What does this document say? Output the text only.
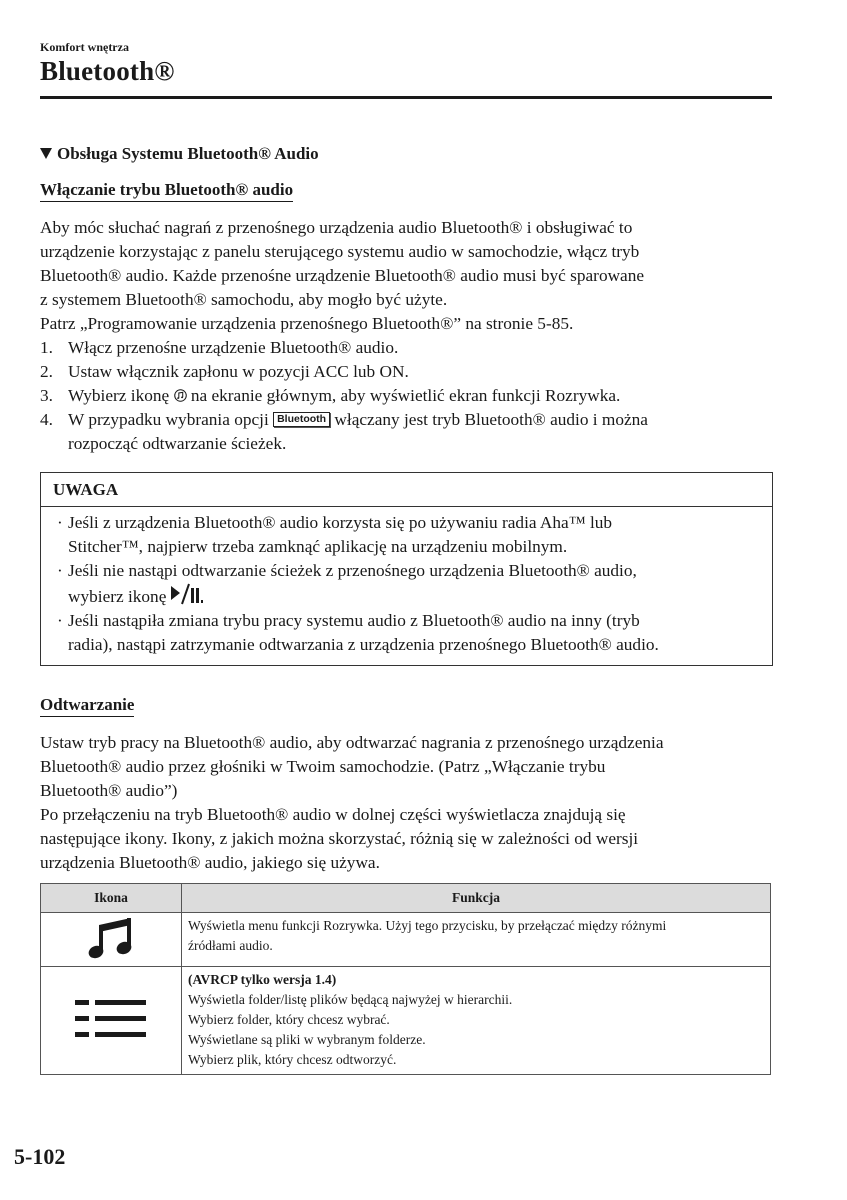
Komfort wnętrza
Bluetooth®
Obsługa Systemu Bluetooth® Audio
Włączanie trybu Bluetooth® audio

Aby móc słuchać nagrań z przenośnego urządzenia audio Bluetooth® i obsługiwać to

urządzenie korzystając z panelu sterującego systemu audio w samochodzie, włącz tryb

Bluetooth® audio. Każde przenośne urządzenie Bluetooth® audio musi być sparowane

z systemem Bluetooth® samochodu, aby mogło być użyte.

Patrz „Programowanie urządzenia przenośnego Bluetooth®” na stronie 5-85.

1. Włącz przenośne urządzenie Bluetooth® audio.
2. Ustaw włącznik zapłonu w pozycji ACC lub ON.
3. Wybierz ikonę na ekranie głównym, aby wyświetlić ekran funkcji Rozrywka.
4. W przypadku wybrania opcji Bluetooth włączany jest tryb Bluetooth® audio i można
rozpocząć odtwarzanie ścieżek.
UWAGA
· Jeśli z urządzenia Bluetooth® audio korzysta się po używaniu radia Aha™ lub
Stitcher™, najpierw trzeba zamknąć aplikację na urządzeniu mobilnym.
· Jeśli nie nastąpi odtwarzanie ścieżek z przenośnego urządzenia Bluetooth® audio,
wybierz ikonę
· Jeśli nastąpiła zmiana trybu pracy systemu audio z Bluetooth® audio na inny (tryb
radia), nastąpi zatrzymanie odtwarzania z urządzenia przenośnego Bluetooth® audio.
Odtwarzanie

Ustaw tryb pracy na Bluetooth® audio, aby odtwarzać nagrania z przenośnego urządzenia

Bluetooth® audio przez głośniki w Twoim samochodzie. (Patrz „Włączanie trybu

Bluetooth® audio”)

Po przełączeniu na tryb Bluetooth® audio w dolnej części wyświetlacza znajdują się

następujące ikony. Ikony, z jakich można skorzystać, różnią się w zależności od wersji

urządzenia Bluetooth® audio, jakiego się używa.

Ikona	Funkcja

Wyświetla menu funkcji Rozrywka. Użyj tego przycisku, by przełączać między różnymi
źródłami audio.

(AVRCP tylko wersja 1.4)
Wyświetla folder/listę plików będącą najwyżej w hierarchii.
Wybierz folder, który chcesz wybrać.
Wyświetlane są pliki w wybranym folderze.
Wybierz plik, który chcesz odtworzyć.
5-102
